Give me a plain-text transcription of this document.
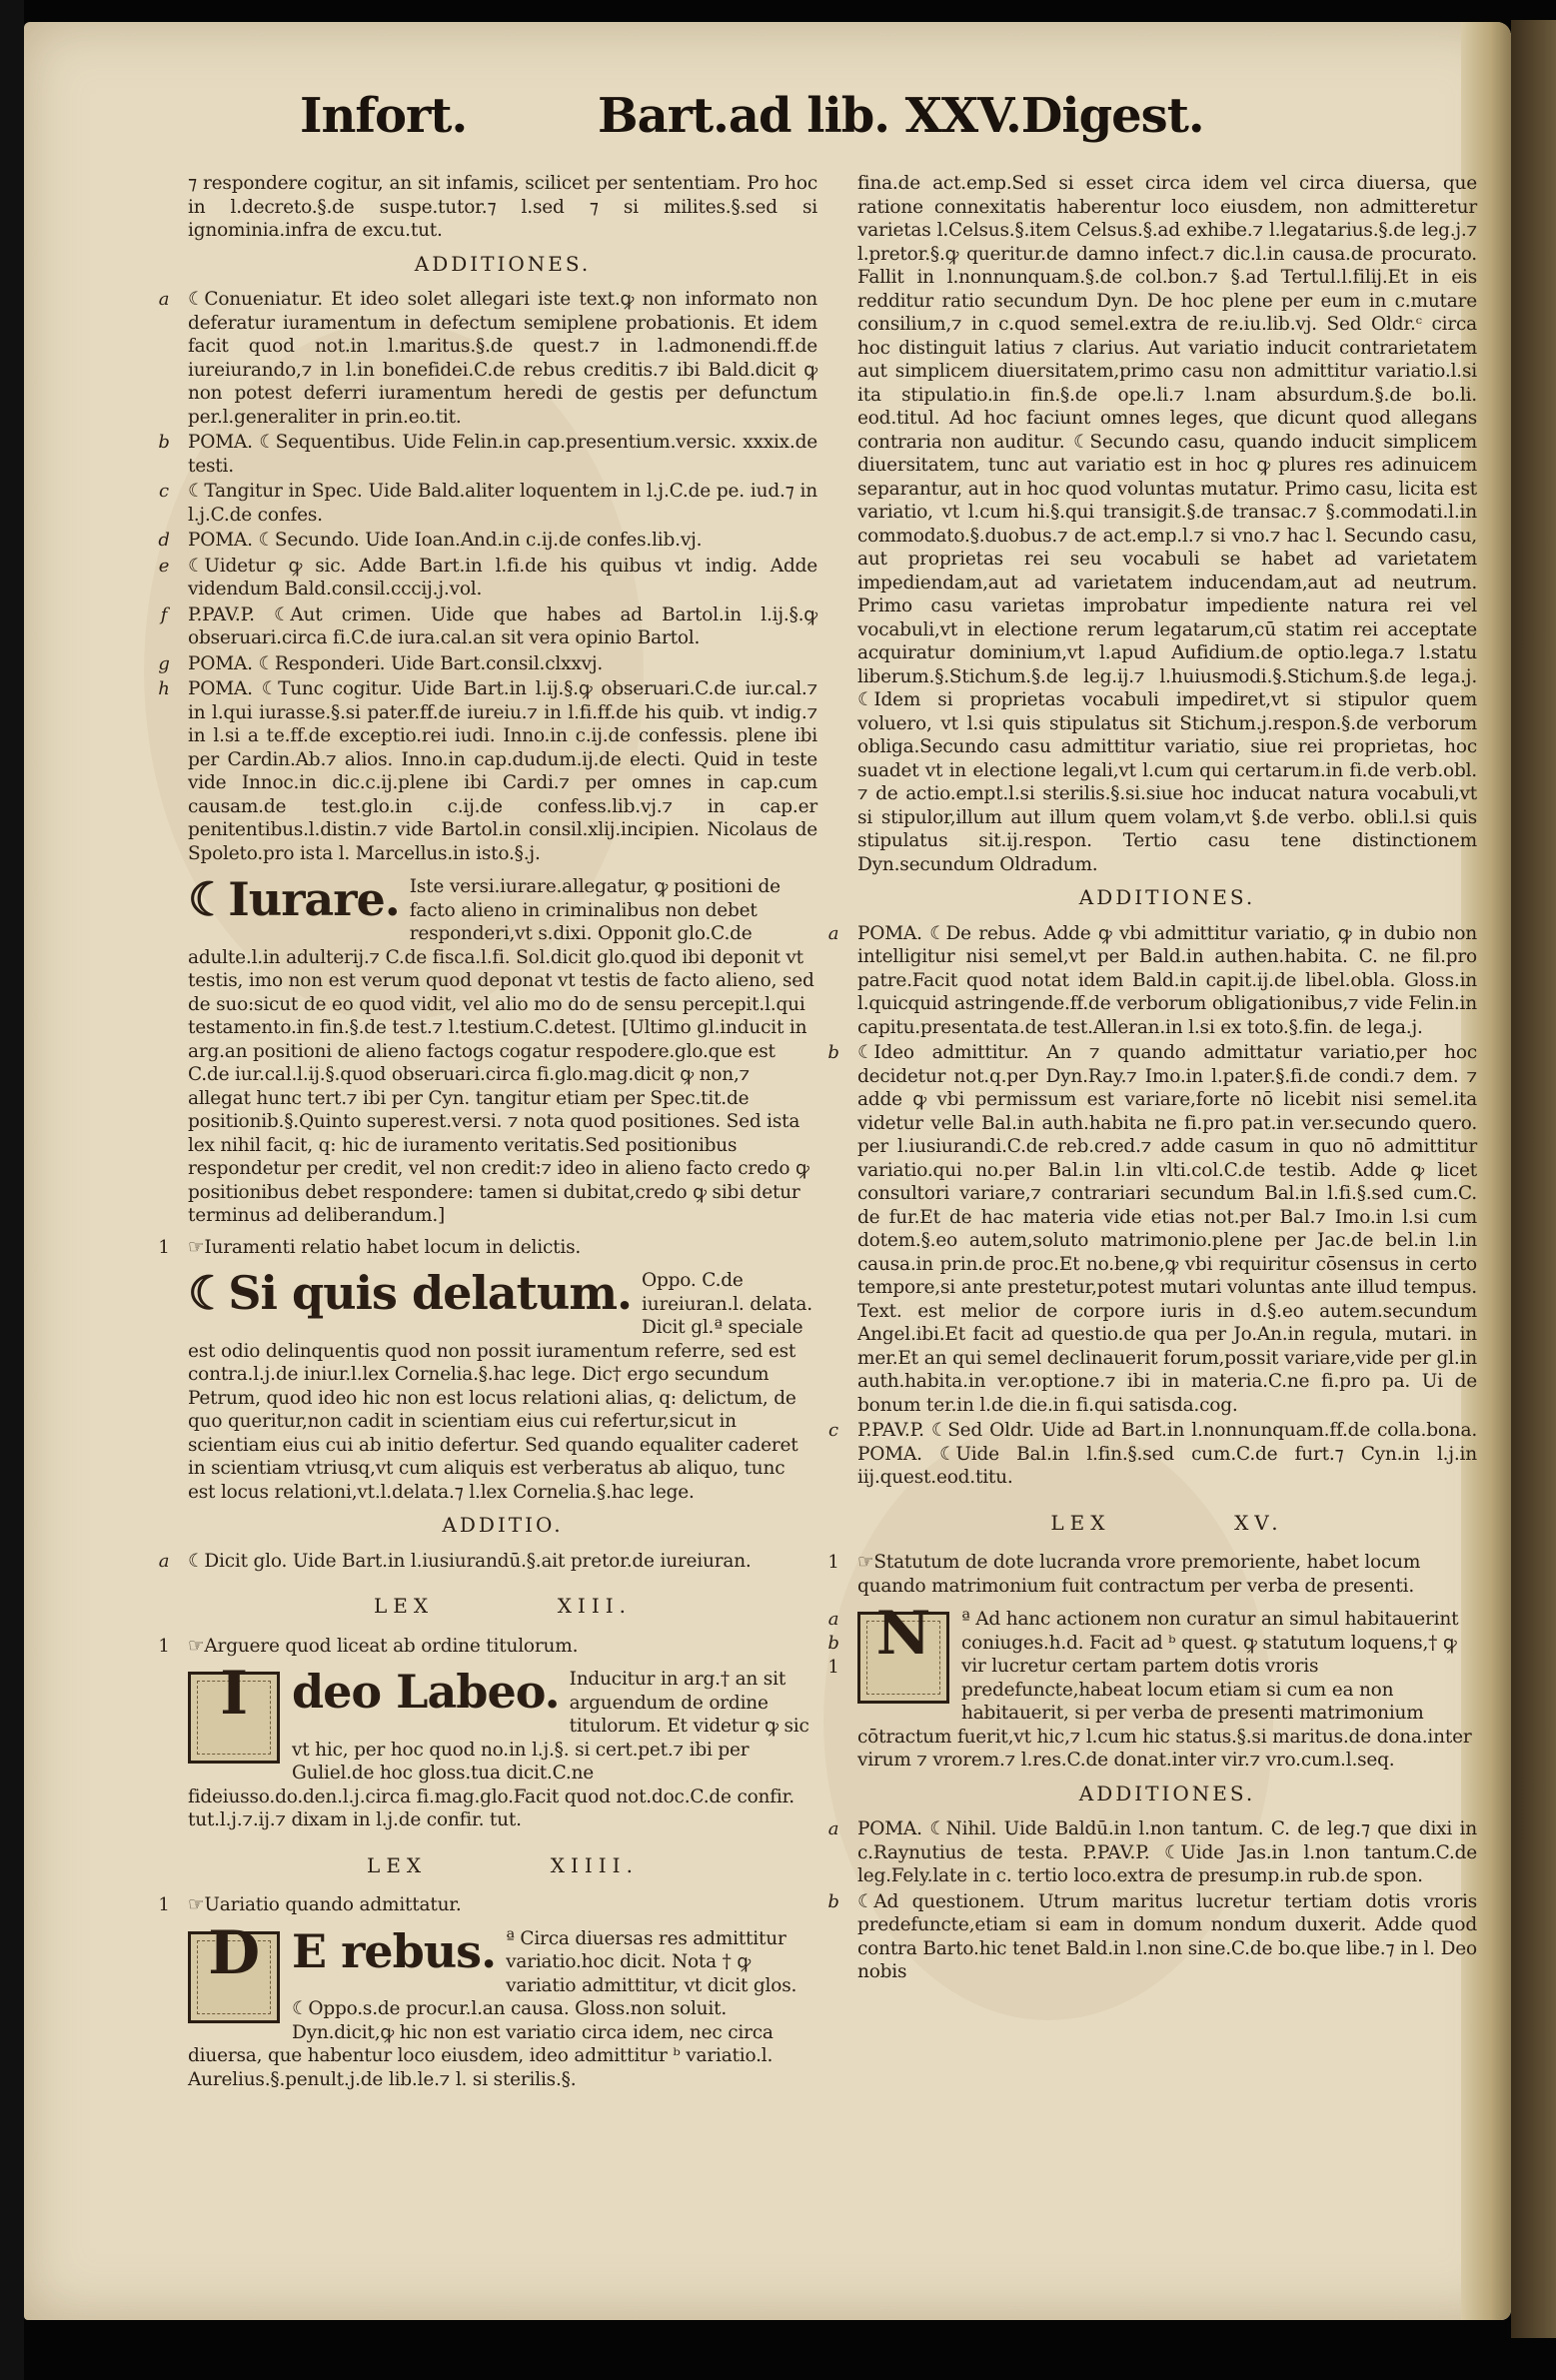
Infort.	Bart.ad lib. XXV.Digest.

⁊ respondere cogitur, an sit infamis, scilicet per sententiam. Pro hoc in l.decreto.§.de suspe.tutor.⁊ l.sed ⁊ si milites.§.sed si ignominia.infra de excu.tut.

ADDITIONES.

a ☾Conueniatur. Et ideo solet allegari iste text.ꝙ non informato non deferatur iuramentum in defectum semiplene probationis. Et idem facit quod not.in l.maritus.§.de quest.⁊ in l.admonendi.ff.de iureiurando,⁊ in l.in bonefidei.C.de rebus creditis.⁊ ibi Bald.dicit ꝙ non potest deferri iuramentum heredi de gestis per defunctum per.l.generaliter in prin.eo.tit.

b POMA. ☾Sequentibus. Uide Felin.in cap.presentium.versic. xxxix.de testi.

c ☾Tangitur in Spec. Uide Bald.aliter loquentem in l.j.C.de pe. iud.⁊ in l.j.C.de confes.

d POMA. ☾Secundo. Uide Ioan.And.in c.ij.de confes.lib.vj.

e ☾Uidetur ꝙ sic. Adde Bart.in l.fi.de his quibus vt indig. Adde videndum Bald.consil.cccij.j.vol.

f	P.PAV.P. ☾Aut crimen. Uide que habes ad Bartol.in l.ij.§.ꝙ obseruari.circa fi.C.de iura.cal.an sit vera opinio Bartol.

g POMA. ☾Responderi. Uide Bart.consil.clxxvj.

h POMA. ☾Tunc cogitur. Uide Bart.in l.ij.§.ꝙ obseruari.C.de iur.cal.⁊ in l.qui iurasse.§.si pater.ff.de iureiu.⁊ in l.fi.ff.de his quib. vt indig.⁊ in l.si a te.ff.de exceptio.rei iudi. Inno.in c.ij.de confessis. plene ibi per Cardin.Ab.⁊ alios. Inno.in cap.dudum.ij.de electi. Quid in teste vide Innoc.in dic.c.ij.plene ibi Cardi.⁊ per omnes in cap.cum causam.de test.glo.in c.ij.de confess.lib.vj.⁊ in cap.er penitentibus.l.distin.⁊ vide Bartol.in consil.xlij.incipien. Nicolaus de Spoleto.pro ista l. Marcellus.in isto.§.j.

☾Iurare. Iste versi.iurare.allegatur, ꝙ positioni de facto alieno in criminalibus non debet responderi,vt s.dixi. Opponit glo.C.de adulte.l.in adulterij.⁊ C.de fisca.l.fi. Sol.dicit glo.quod ibi deponit vt testis, imo non est verum quod deponat vt testis de facto alieno, sed de suo:sicut de eo quod vidit, vel alio mo do de sensu percepit.l.qui testamento.in fin.§.de test.⁊ l.testium.C.detest. [Ultimo gl.inducit in arg.an positioni de alieno factogs cogatur respodere.glo.que est C.de iur.cal.l.ij.§.quod obseruari.circa fi.glo.mag.dicit ꝙ non,⁊ allegat hunc tert.⁊ ibi per Cyn. tangitur etiam per Spec.tit.de positionib.§.Quinto superest.versi. ⁊ nota quod positiones. Sed ista lex nihil facit, q: hic de iuramento veritatis.Sed positionibus respondetur per credit, vel non credit:⁊ ideo in alieno facto credo ꝙ positionibus debet respondere: tamen si dubitat,credo ꝙ sibi detur terminus ad deliberandum.]

1 ☞Iuramenti relatio habet locum in delictis.

☾Si quis delatum. Oppo. C.de iureiuran.l. delata. Dicit gl.ª speciale est odio delinquentis quod non possit iuramentum referre, sed est contra.l.j.de iniur.l.lex Cornelia.§.hac lege. Dic† ergo secundum Petrum, quod ideo hic non est locus relationi alias, q: delictum, de quo queritur,non cadit in scientiam eius cui refertur,sicut in scientiam eius cui ab initio defertur. Sed quando equaliter caderet in scientiam vtriusq,vt cum aliquis est verberatus ab aliquo, tunc est locus relationi,vt.l.delata.⁊ l.lex Cornelia.§.hac lege.
ADDITIO.

a ☾Dicit glo. Uide Bart.in l.iusiurandū.§.ait pretor.de iureiuran.

LEX          XIII.

1 ☞Arguere quod liceat ab ordine titulorum.

I deo Labeo. Inducitur in arg.† an sit arguendum de ordine titulorum. Et videtur ꝙ sic vt hic, per hoc quod no.in l.j.§. si cert.pet.⁊ ibi per Guliel.de hoc gloss.tua dicit.C.ne fideiusso.do.den.l.j.circa fi.mag.glo.Facit quod not.doc.C.de confir. tut.l.j.⁊.ij.⁊ dixam in l.j.de confir. tut.
LEX          XIIII.

1 ☞Uariatio quando admittatur.

D E rebus. ª Circa diuersas res admittitur variatio.hoc dicit. Nota † ꝙ variatio admittitur, vt dicit glos. ☾Oppo.s.de procur.l.an causa. Gloss.non soluit. Dyn.dicit,ꝙ hic non est variatio circa idem, nec circa diuersa, que habentur loco eiusdem, ideo admittitur ᵇ variatio.l. Aurelius.§.penult.j.de lib.le.⁊ l. si sterilis.§.

fina.de act.emp.Sed si esset circa idem vel circa diuersa, que ratione connexitatis haberentur loco eiusdem, non admitteretur varietas l.Celsus.§.item Celsus.§.ad exhibe.⁊ l.legatarius.§.de leg.j.⁊ l.pretor.§.ꝙ queritur.de damno infect.⁊ dic.l.in causa.de procurato. Fallit in l.nonnunquam.§.de col.bon.⁊ §.ad Tertul.l.filij.Et in eis redditur ratio secundum Dyn. De hoc plene per eum in c.mutare consilium,⁊ in c.quod semel.extra de re.iu.lib.vj. Sed Oldr.ᶜ circa hoc distinguit latius ⁊ clarius. Aut variatio inducit contrarietatem aut simplicem diuersitatem,primo casu non admittitur variatio.l.si ita stipulatio.in fin.§.de ope.li.⁊ l.nam absurdum.§.de bo.li. eod.titul. Ad hoc faciunt omnes leges, que dicunt quod allegans contraria non auditur. ☾Secundo casu, quando inducit simplicem diuersitatem, tunc aut variatio est in hoc ꝙ plures res adinuicem separantur, aut in hoc quod voluntas mutatur. Primo casu, licita est variatio, vt l.cum hi.§.qui transigit.§.de transac.⁊ §.commodati.l.in commodato.§.duobus.⁊ de act.emp.l.⁊ si vno.⁊ hac l. Secundo casu, aut proprietas rei seu vocabuli se habet ad varietatem impediendam,aut ad varietatem inducendam,aut ad neutrum. Primo casu varietas improbatur impediente natura rei vel vocabuli,vt in electione rerum legatarum,cū statim rei acceptate acquiratur dominium,vt l.apud Aufidium.de optio.lega.⁊ l.statu liberum.§.Stichum.§.de leg.ij.⁊ l.huiusmodi.§.Stichum.§.de lega.j. ☾Idem si proprietas vocabuli impediret,vt si stipulor quem voluero, vt l.si quis stipulatus sit Stichum.j.respon.§.de verborum obliga.Secundo casu admittitur variatio, siue rei proprietas, hoc suadet vt in electione legali,vt l.cum qui certarum.in fi.de verb.obl. ⁊ de actio.empt.l.si sterilis.§.si.siue hoc inducat natura vocabuli,vt si stipulor,illum aut illum quem volam,vt §.de verbo. obli.l.si quis stipulatus sit.ij.respon. Tertio casu tene distinctionem Dyn.secundum Oldradum.

ADDITIONES.

a POMA. ☾De rebus. Adde ꝙ vbi admittitur variatio, ꝙ in dubio non intelligitur nisi semel,vt per Bald.in authen.habita. C. ne fil.pro patre.Facit quod notat idem Bald.in capit.ij.de libel.obla. Gloss.in l.quicquid astringende.ff.de verborum obligationibus,⁊ vide Felin.in capitu.presentata.de test.Alleran.in l.si ex toto.§.fin. de lega.j.

b ☾Ideo admittitur. An ⁊ quando admittatur variatio,per hoc decidetur not.q.per Dyn.Ray.⁊ Imo.in l.pater.§.fi.de condi.⁊ dem. ⁊ adde ꝙ vbi permissum est variare,forte nō licebit nisi semel.ita videtur velle Bal.in auth.habita ne fi.pro pat.in ver.secundo quero. per l.iusiurandi.C.de reb.cred.⁊ adde casum in quo nō admittitur variatio.qui no.per Bal.in l.in vlti.col.C.de testib. Adde ꝙ licet consultori variare,⁊ contrariari secundum Bal.in l.fi.§.sed cum.C. de fur.Et de hac materia vide etias not.per Bal.⁊ Imo.in l.si cum dotem.§.eo autem,soluto matrimonio.plene per Jac.de bel.in l.in causa.in prin.de proc.Et no.bene,ꝙ vbi requiritur cōsensus in certo tempore,si ante prestetur,potest mutari voluntas ante illud tempus. Text. est melior de corpore iuris in d.§.eo autem.secundum Angel.ibi.Et facit ad questio.de qua per Jo.An.in regula, mutari. in mer.Et an qui semel declinauerit forum,possit variare,vide per gl.in auth.habita.in ver.optione.⁊ ibi in materia.C.ne fi.pro pa. Ui de bonum ter.in l.de die.in fi.qui satisda.cog.

c P.PAV.P. ☾Sed Oldr. Uide ad Bart.in l.nonnunquam.ff.de colla.bona. POMA. ☾Uide Bal.in l.fin.§.sed cum.C.de furt.⁊ Cyn.in l.j.in iij.quest.eod.titu.

LEX          XV.

1 ☞Statutum de dote lucranda vrore premoriente, habet locum quando matrimonium fuit contractum per verba de presenti.

N
a
b
1
ª Ad hanc actionem non curatur an simul habitauerint coniuges.h.d. Facit ad ᵇ quest. ꝙ statutum loquens,† ꝙ vir lucretur certam partem dotis vroris predefuncte,habeat locum etiam si cum ea non habitauerit, si per verba de presenti matrimonium cōtractum fuerit,vt hic,⁊ l.cum hic status.§.si maritus.de dona.inter virum ⁊ vrorem.⁊ l.res.C.de donat.inter vir.⁊ vro.cum.l.seq.
ADDITIONES.

a POMA. ☾Nihil. Uide Baldū.in l.non tantum. C. de leg.⁊ que dixi in c.Raynutius de testa. P.PAV.P. ☾Uide Jas.in l.non tantum.C.de leg.Fely.late in c. tertio loco.extra de presump.in rub.de spon.

b ☾Ad questionem. Utrum maritus lucretur tertiam dotis vroris predefuncte,etiam si eam in domum nondum duxerit. Adde quod contra Barto.hic tenet Bald.in l.non sine.C.de bo.que libe.⁊ in l. Deo nobis
